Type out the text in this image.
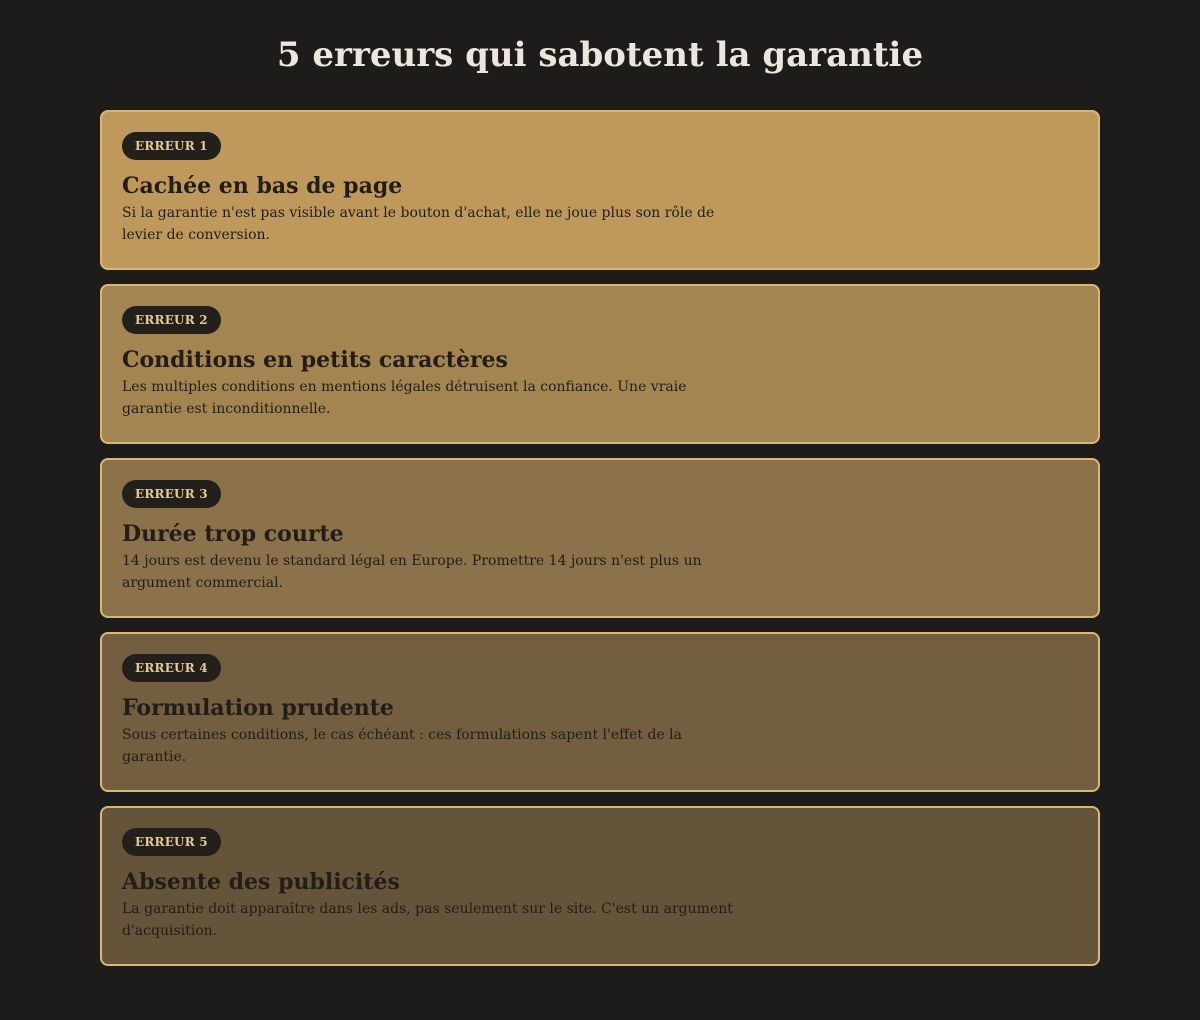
5 erreurs qui sabotent la garantie
ERREUR 1
Cachée en bas de page

Si la garantie n'est pas visible avant le bouton d'achat, elle ne joue plus son rôle de levier de conversion.

ERREUR 2
Conditions en petits caractères

Les multiples conditions en mentions légales détruisent la confiance. Une vraie garantie est inconditionnelle.

ERREUR 3
Durée trop courte

14 jours est devenu le standard légal en Europe. Promettre 14 jours n'est plus un argument commercial.

ERREUR 4
Formulation prudente

Sous certaines conditions, le cas échéant : ces formulations sapent l'effet de la garantie.

ERREUR 5
Absente des publicités

La garantie doit apparaître dans les ads, pas seulement sur le site. C'est un argument d'acquisition.
